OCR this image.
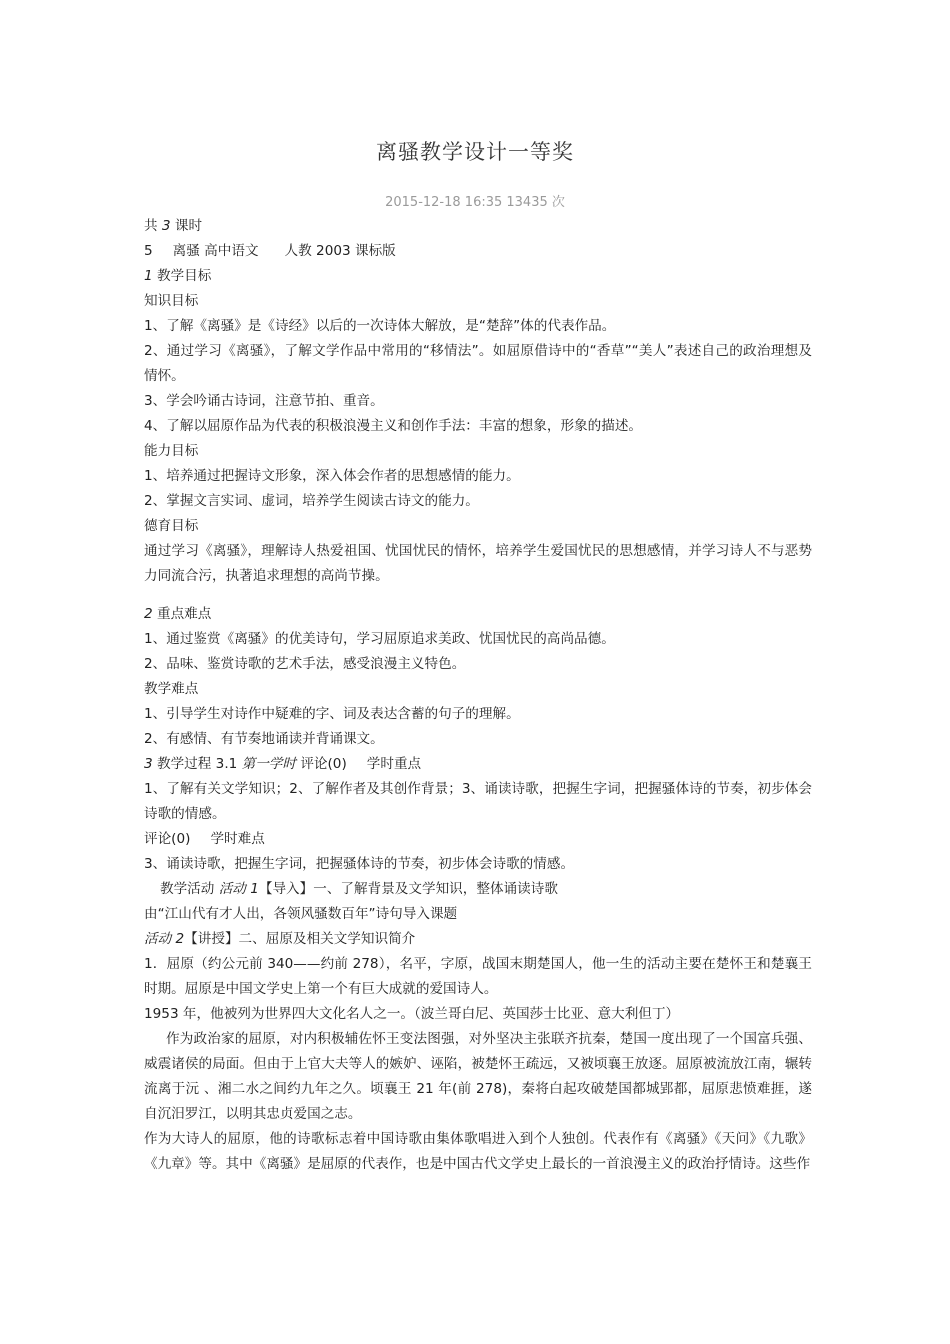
离骚教学设计一等奖
2015-12-18 16:35 13435 次

共 3 课时

5 离骚 高中语文 人教 2003 课标版

1 教学目标

知识目标

1、了解《离骚》是《诗经》以后的一次诗体大解放，是“楚辞”体的代表作品。

2、通过学习《离骚》，了解文学作品中常用的“移情法”。如屈原借诗中的“香草”“美人”表述自己的政治理想及情怀。

3、学会吟诵古诗词，注意节拍、重音。

4、了解以屈原作品为代表的积极浪漫主义和创作手法：丰富的想象，形象的描述。

能力目标

1、培养通过把握诗文形象，深入体会作者的思想感情的能力。

2、掌握文言实词、虚词，培养学生阅读古诗文的能力。

德育目标

通过学习《离骚》，理解诗人热爱祖国、忧国忧民的情怀，培养学生爱国忧民的思想感情，并学习诗人不与恶势力同流合污，执著追求理想的高尚节操。

2 重点难点

1、通过鉴赏《离骚》的优美诗句，学习屈原追求美政、忧国忧民的高尚品德。

2、品味、鉴赏诗歌的艺术手法，感受浪漫主义特色。

教学难点

1、引导学生对诗作中疑难的字、词及表达含蓄的句子的理解。

2、有感情、有节奏地诵读并背诵课文。

3 教学过程 3.1 第一学时 评论(0) 学时重点

1、了解有关文学知识；2、了解作者及其创作背景；3、诵读诗歌，把握生字词，把握骚体诗的节奏，初步体会诗歌的情感。

评论(0) 学时难点

3、诵读诗歌，把握生字词，把握骚体诗的节奏，初步体会诗歌的情感。

教学活动 活动 1【导入】一、了解背景及文学知识，整体诵读诗歌

由“江山代有才人出，各领风骚数百年”诗句导入课题

活动 2【讲授】二、屈原及相关文学知识简介

1．屈原（约公元前 340——约前 278），名平，字原，战国末期楚国人，他一生的活动主要在楚怀王和楚襄王时期。屈原是中国文学史上第一个有巨大成就的爱国诗人。

1953 年，他被列为世界四大文化名人之一。（波兰哥白尼、英国莎士比亚、意大利但丁）

作为政治家的屈原，对内积极辅佐怀王变法图强，对外坚决主张联齐抗秦，楚国一度出现了一个国富兵强、威震诸侯的局面。但由于上官大夫等人的嫉妒、诬陷，被楚怀王疏远，又被顷襄王放逐。屈原被流放江南，辗转流离于沅 、湘二水之间约九年之久。顷襄王 21 年(前 278)，秦将白起攻破楚国都城郢都，屈原悲愤难捱，遂自沉汨罗江，以明其忠贞爱国之志。

作为大诗人的屈原，他的诗歌标志着中国诗歌由集体歌唱进入到个人独创。代表作有《离骚》《天问》《九歌》《九章》等。其中《离骚》是屈原的代表作，也是中国古代文学史上最长的一首浪漫主义的政治抒情诗。这些作
